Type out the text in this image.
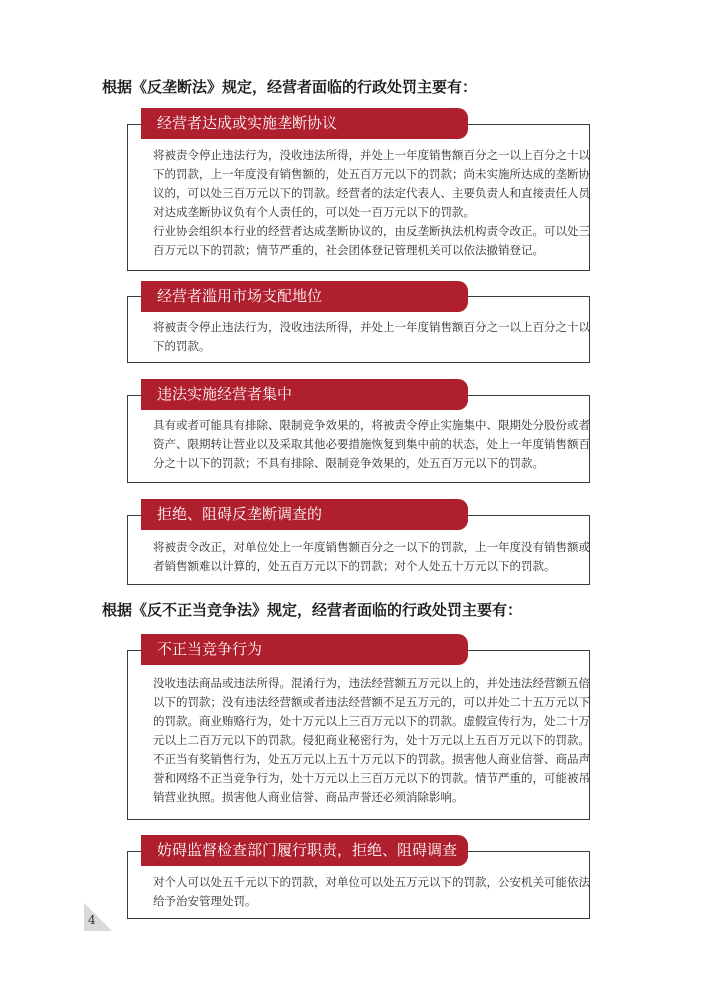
根据《反垄断法》规定，经营者面临的行政处罚主要有：
经营者达成或实施垄断协议

将被责令停止违法行为，没收违法所得，并处上一年度销售额百分之一以上百分之十以下的罚款，上一年度没有销售额的，处五百万元以下的罚款；尚未实施所达成的垄断协议的，可以处三百万元以下的罚款。经营者的法定代表人、主要负责人和直接责任人员对达成垄断协议负有个人责任的，可以处一百万元以下的罚款。

行业协会组织本行业的经营者达成垄断协议的，由反垄断执法机构责令改正。可以处三百万元以下的罚款；情节严重的，社会团体登记管理机关可以依法撤销登记。

经营者滥用市场支配地位

将被责令停止违法行为，没收违法所得，并处上一年度销售额百分之一以上百分之十以下的罚款。

违法实施经营者集中

具有或者可能具有排除、限制竞争效果的，将被责令停止实施集中、限期处分股份或者资产、限期转让营业以及采取其他必要措施恢复到集中前的状态，处上一年度销售额百分之十以下的罚款；不具有排除、限制竞争效果的，处五百万元以下的罚款。

拒绝、阻碍反垄断调查的

将被责令改正，对单位处上一年度销售额百分之一以下的罚款，上一年度没有销售额或者销售额难以计算的，处五百万元以下的罚款；对个人处五十万元以下的罚款。

根据《反不正当竞争法》规定，经营者面临的行政处罚主要有：
不正当竞争行为

没收违法商品或违法所得。混淆行为，违法经营额五万元以上的，并处违法经营额五倍以下的罚款；没有违法经营额或者违法经营额不足五万元的，可以并处二十五万元以下的罚款。商业贿赂行为，处十万元以上三百万元以下的罚款。虚假宣传行为，处二十万元以上二百万元以下的罚款。侵犯商业秘密行为，处十万元以上五百万元以下的罚款。不正当有奖销售行为，处五万元以上五十万元以下的罚款。损害他人商业信誉、商品声誉和网络不正当竞争行为，处十万元以上三百万元以下的罚款。情节严重的，可能被吊销营业执照。损害他人商业信誉、商品声誉还必须消除影响。

妨碍监督检查部门履行职责，拒绝、阻碍调查

对个人可以处五千元以下的罚款，对单位可以处五万元以下的罚款，公安机关可能依法给予治安管理处罚。

4
